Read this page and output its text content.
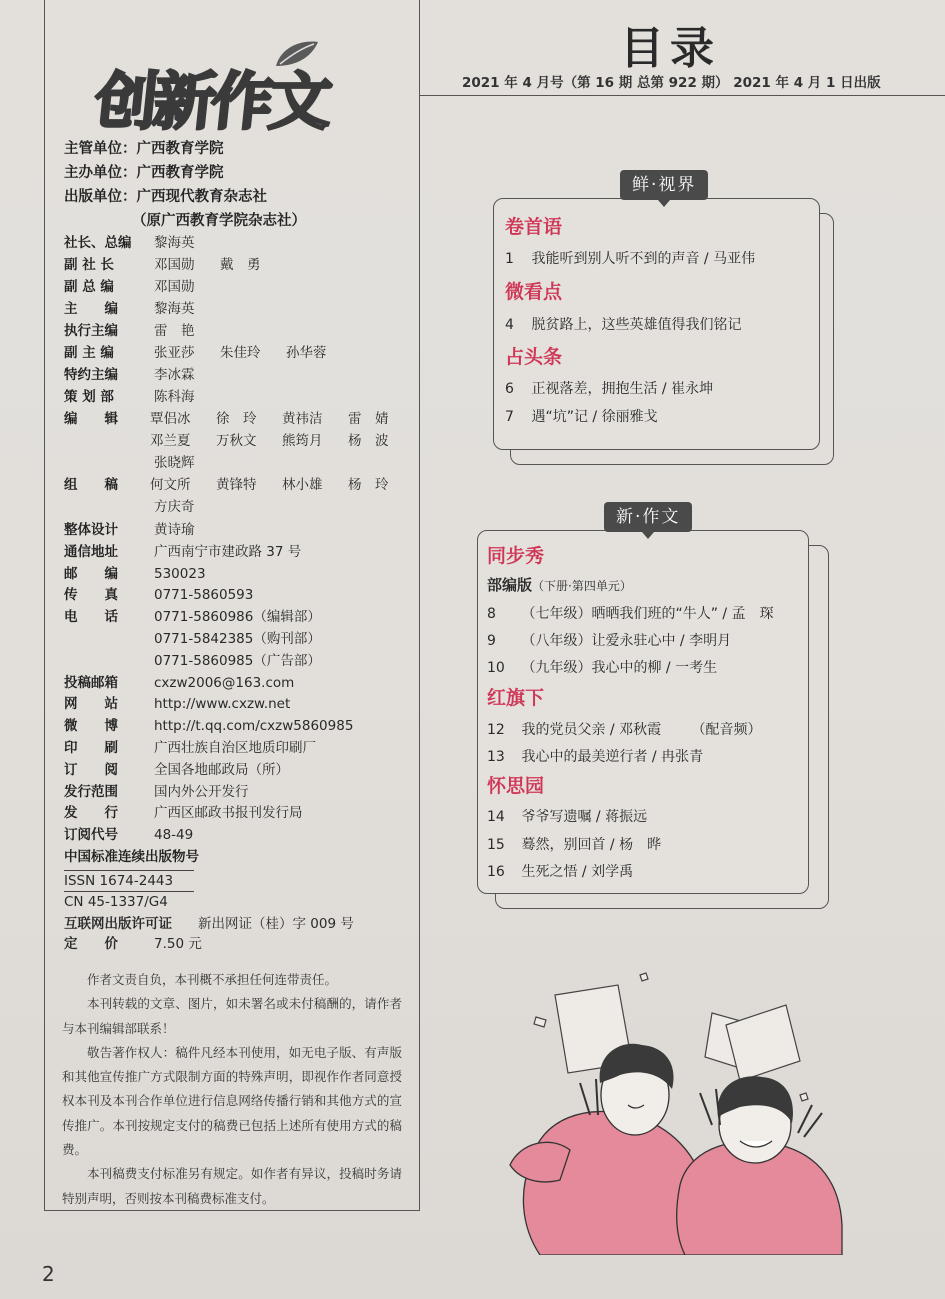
创新作文
主管单位：广西教育学院
主办单位：广西教育学院
出版单位：广西现代教育杂志社
（原广西教育学院杂志社）
社长、总编	黎海英
副 社 长	邓国勋	戴　勇
副 总 编	邓国勋
主　　编	黎海英
执行主编	雷　艳
副 主 编	张亚莎	朱佳玲	孙华蓉
特约主编	李冰霖
策 划 部	陈科海
编　　辑	覃侣冰	徐　玲	黄祎洁	雷　婧
邓兰夏	万秋文	熊筠月	杨　波
张晓辉
组　　稿	何文所	黄锋特	林小雄	杨　玲
方庆奇
整体设计	黄诗瑜
通信地址	广西南宁市建政路 37 号
邮　　编	530023
传　　真	0771-5860593
电　　话	0771-5860986（编辑部）
0771-5842385（购刊部）
0771-5860985（广告部）
投稿邮箱	cxzw2006@163.com
网　　站	http://www.cxzw.net
微　　博	http://t.qq.com/cxzw5860985
印　　刷	广西壮族自治区地质印刷厂
订　　阅	全国各地邮政局（所）
发行范围	国内外公开发行
发　　行	广西区邮政书报刊发行局
订阅代号	48-49
中国标准连续出版物号
ISSN 1674-2443
CN 45-1337/G4
互联网出版许可证	新出网证（桂）字 009 号
定　　价	7.50 元

作者文责自负，本刊概不承担任何连带责任。

本刊转载的文章、图片，如未署名或未付稿酬的，请作者与本刊编辑部联系！

敬告著作权人：稿件凡经本刊使用，如无电子版、有声版和其他宣传推广方式限制方面的特殊声明，即视作作者同意授权本刊及本刊合作单位进行信息网络传播行销和其他方式的宣传推广。本刊按规定支付的稿费已包括上述所有使用方式的稿费。

本刊稿费支付标准另有规定。如作者有异议，投稿时务请特别声明，否则按本刊稿费标准支付。

2
目录
2021 年 4 月号（第 16 期 总第 922 期） 2021 年 4 月 1 日出版
鲜·视界
卷首语
1 我能听到别人听不到的声音 / 马亚伟
微看点
4 脱贫路上，这些英雄值得我们铭记
占头条
6 正视落差，拥抱生活 / 崔永坤
7 遇“坑”记 / 徐丽雅戈
新·作文
同步秀
部编版（下册·第四单元）
8 （七年级）晒晒我们班的“牛人” / 孟　琛
9 （八年级）让爱永驻心中 / 李明月
10 （九年级）我心中的柳 / 一考生
红旗下
12 我的党员父亲 / 邓秋霞 （配音频）
13 我心中的最美逆行者 / 冉张青
怀思园
14 爷爷写遗嘱 / 蒋振远
15 蓦然，别回首 / 杨　晔
16 生死之悟 / 刘学禹
